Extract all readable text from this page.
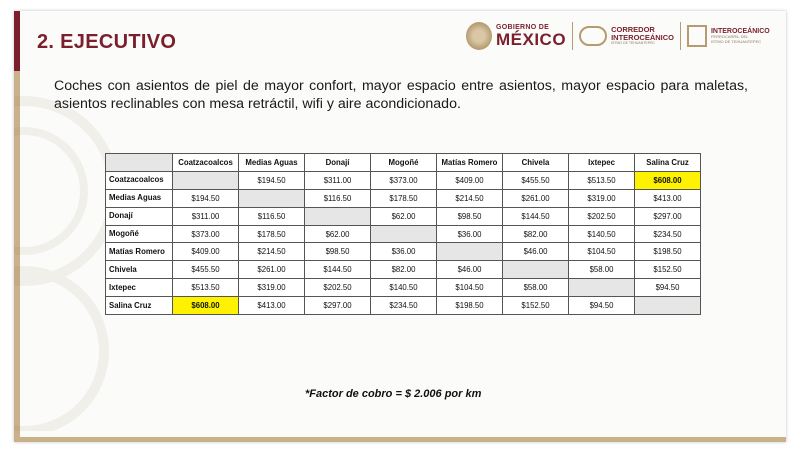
2. EJECUTIVO
GOBIERNO DE
MÉXICO
CORREDOR
INTEROCEÁNICO
ISTMO DE TEHUANTEPEC
INTEROCEÁNICO
FERROCARRIL DEL
ISTMO DE TEHUANTEPEC
Coches con asientos de piel de mayor confort, mayor espacio entre asientos, mayor espacio para maletas, asientos reclinables con mesa retráctil, wifi y aire acondicionado.
	Coatzacoalcos	Medias Aguas	Donají	Mogoñé	Matías Romero	Chivela	Ixtepec	Salina Cruz
Coatzacoalcos		$194.50	$311.00	$373.00	$409.00	$455.50	$513.50	$608.00
Medias Aguas	$194.50		$116.50	$178.50	$214.50	$261.00	$319.00	$413.00
Donají	$311.00	$116.50		$62.00	$98.50	$144.50	$202.50	$297.00
Mogoñé	$373.00	$178.50	$62.00		$36.00	$82.00	$140.50	$234.50
Matías Romero	$409.00	$214.50	$98.50	$36.00		$46.00	$104.50	$198.50
Chivela	$455.50	$261.00	$144.50	$82.00	$46.00		$58.00	$152.50
Ixtepec	$513.50	$319.00	$202.50	$140.50	$104.50	$58.00		$94.50
Salina Cruz	$608.00	$413.00	$297.00	$234.50	$198.50	$152.50	$94.50	
*Factor de cobro = $ 2.006 por km
